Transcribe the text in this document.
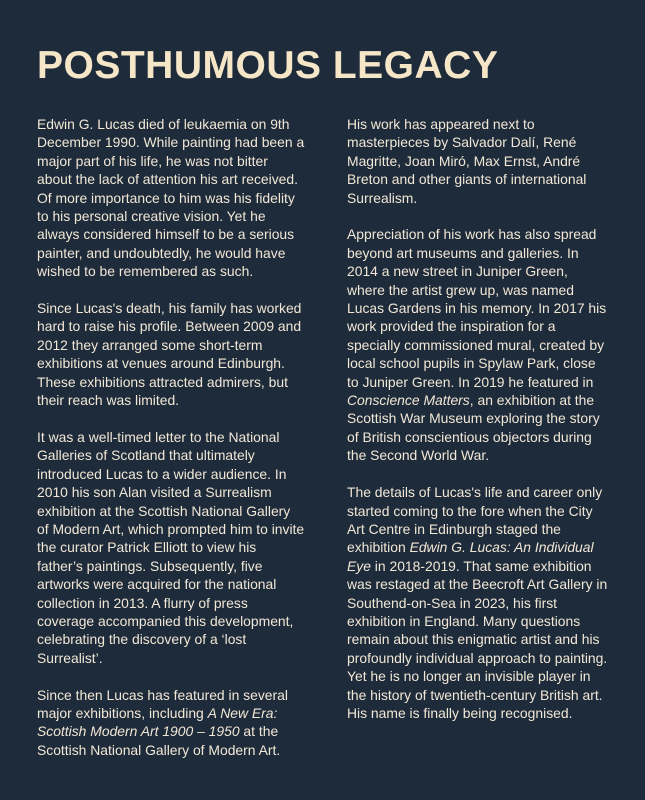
POSTHUMOUS LEGACY

Edwin G. Lucas died of leukaemia on 9th December 1990. While painting had been a major part of his life, he was not bitter about the lack of attention his art received. Of more importance to him was his fidelity to his personal creative vision. Yet he always considered himself to be a serious painter, and undoubtedly, he would have wished to be remembered as such.

Since Lucas's death, his family has worked hard to raise his profile. Between 2009 and 2012 they arranged some short-term exhibitions at venues around Edinburgh. These exhibitions attracted admirers, but their reach was limited.

It was a well-timed letter to the National Galleries of Scotland that ultimately introduced Lucas to a wider audience. In 2010 his son Alan visited a Surrealism exhibition at the Scottish National Gallery of Modern Art, which prompted him to invite the curator Patrick Elliott to view his father’s paintings. Subsequently, five artworks were acquired for the national collection in 2013. A flurry of press coverage accompanied this development, celebrating the discovery of a ‘lost Surrealist’.

Since then Lucas has featured in several major exhibitions, including A New Era: Scottish Modern Art 1900 – 1950 at the Scottish National Gallery of Modern Art.

His work has appeared next to masterpieces by Salvador Dalí, René Magritte, Joan Miró, Max Ernst, André Breton and other giants of international Surrealism.

Appreciation of his work has also spread beyond art museums and galleries. In 2014 a new street in Juniper Green, where the artist grew up, was named Lucas Gardens in his memory. In 2017 his work provided the inspiration for a specially commissioned mural, created by local school pupils in Spylaw Park, close to Juniper Green. In 2019 he featured in Conscience Matters, an exhibition at the Scottish War Museum exploring the story of British conscientious objectors during the Second World War.

The details of Lucas's life and career only started coming to the fore when the City Art Centre in Edinburgh staged the exhibition Edwin G. Lucas: An Individual Eye in 2018-2019. That same exhibition was restaged at the Beecroft Art Gallery in Southend-on-Sea in 2023, his first exhibition in England. Many questions remain about this enigmatic artist and his profoundly individual approach to painting. Yet he is no longer an invisible player in the history of twentieth-century British art. His name is finally being recognised.
